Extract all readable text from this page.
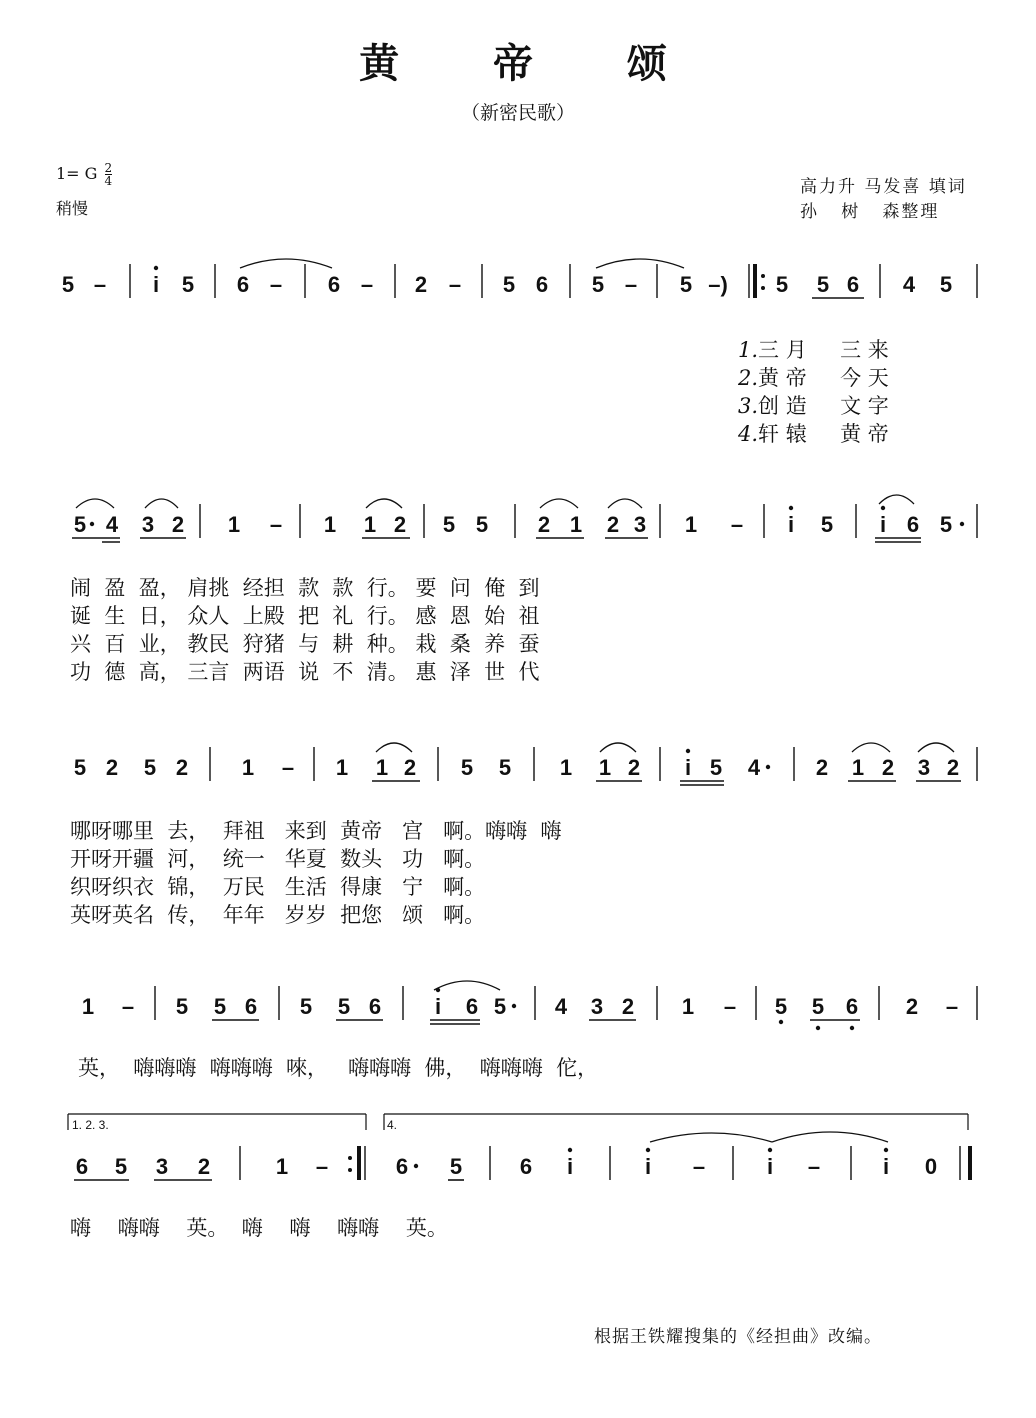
黄 帝 颂
（新密民歌）
1= G $\frac{2}{4}$
稍慢
高力升 马发喜 填词
孙   树   森整理
1.三 月     三 来
2.黄 帝     今 天
3.创 造     文 字
4.轩 辕     黄 帝
闹  盈  盈， 肩挑  经担  款  款  行。 要  问  俺  到
诞  生  日， 众人  上殿  把  礼  行。 感  恩  始  祖
兴  百  业， 教民  狩猪  与  耕  种。 栽  桑  养  蚕
功  德  高， 三言  两语  说  不  清。 惠  泽  世  代
哪呀哪里  去，  拜祖   来到  黄帝   宫   啊。嗨嗨  嗨
开呀开疆  河，  统一   华夏  数头   功   啊。
织呀织衣  锦，  万民   生活  得康   宁   啊。
英呀英名  传，  年年   岁岁  把您   颂   啊。
英，  嗨嗨嗨  嗨嗨嗨  唻，   嗨嗨嗨  佛，  嗨嗨嗨  佗，
嗨    嗨嗨    英。  嗨    嗨    嗨嗨    英。
根据王铁耀搜集的《经担曲》改编。
1. 2. 3.	4.
5 – i 5 6 – 6 – 2 – 5 6 5 – 5 –) 5 5 6 4 5
5 4 3 2 1 – 1 1 2 5 5 2 1 2 3 1 – i 5 i 6 5
5 2 5 2 1 – 1 1 2 5 5 1 1 2 i 5 4	2 1 2 3 2
1 – 5 5 6 5 5 6 i 6 5 4 3 2 1 – 5 5 6 2 –
6 5 3 2	1 –	6 5	6 i	i –	i –	i 0
